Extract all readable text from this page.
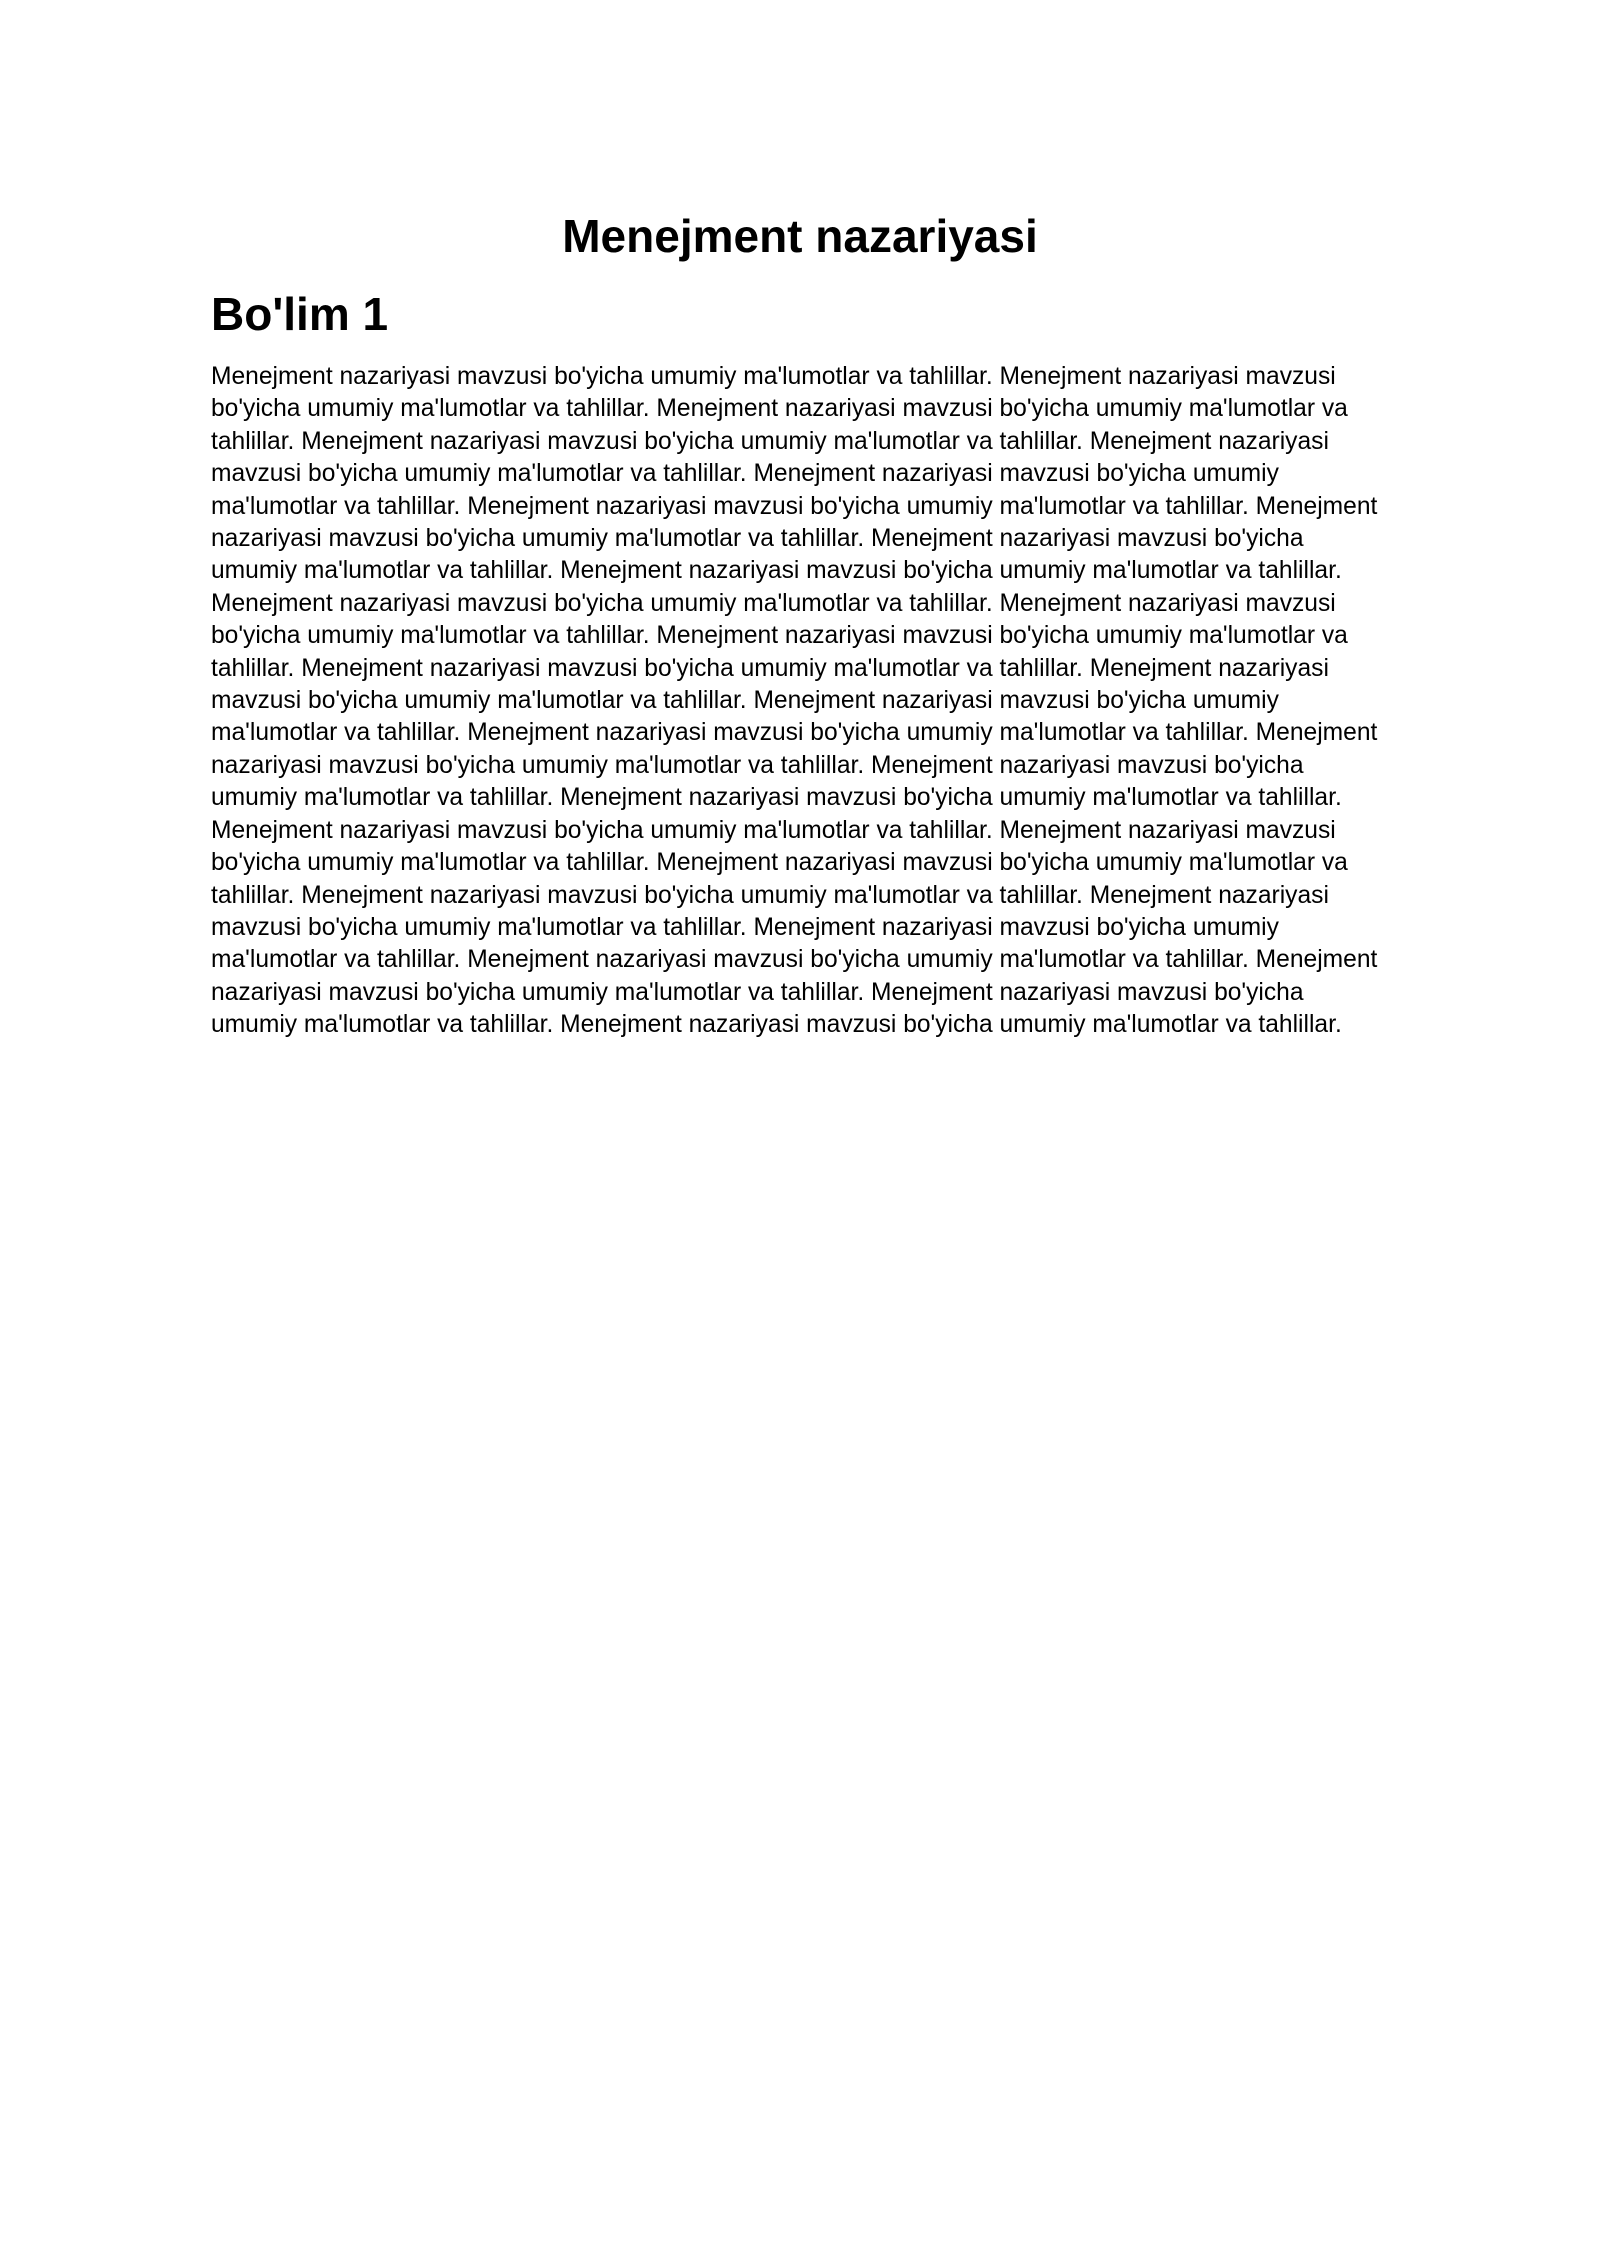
Menejment nazariyasi
Bo'lim 1

Menejment nazariyasi mavzusi bo'yicha umumiy ma'lumotlar va tahlillar. Menejment nazariyasi mavzusi bo'yicha umumiy ma'lumotlar va tahlillar. Menejment nazariyasi mavzusi bo'yicha umumiy ma'lumotlar va tahlillar. Menejment nazariyasi mavzusi bo'yicha umumiy ma'lumotlar va tahlillar. Menejment nazariyasi mavzusi bo'yicha umumiy ma'lumotlar va tahlillar. Menejment nazariyasi mavzusi bo'yicha umumiy ma'lumotlar va tahlillar. Menejment nazariyasi mavzusi bo'yicha umumiy ma'lumotlar va tahlillar. Menejment nazariyasi mavzusi bo'yicha umumiy ma'lumotlar va tahlillar. Menejment nazariyasi mavzusi bo'yicha umumiy ma'lumotlar va tahlillar. Menejment nazariyasi mavzusi bo'yicha umumiy ma'lumotlar va tahlillar. Menejment nazariyasi mavzusi bo'yicha umumiy ma'lumotlar va tahlillar. Menejment nazariyasi mavzusi bo'yicha umumiy ma'lumotlar va tahlillar. Menejment nazariyasi mavzusi bo'yicha umumiy ma'lumotlar va tahlillar. Menejment nazariyasi mavzusi bo'yicha umumiy ma'lumotlar va tahlillar. Menejment nazariyasi mavzusi bo'yicha umumiy ma'lumotlar va tahlillar. Menejment nazariyasi mavzusi bo'yicha umumiy ma'lumotlar va tahlillar. Menejment nazariyasi mavzusi bo'yicha umumiy ma'lumotlar va tahlillar. Menejment nazariyasi mavzusi bo'yicha umumiy ma'lumotlar va tahlillar. Menejment nazariyasi mavzusi bo'yicha umumiy ma'lumotlar va tahlillar. Menejment nazariyasi mavzusi bo'yicha umumiy ma'lumotlar va tahlillar. Menejment nazariyasi mavzusi bo'yicha umumiy ma'lumotlar va tahlillar. Menejment nazariyasi mavzusi bo'yicha umumiy ma'lumotlar va tahlillar. Menejment nazariyasi mavzusi bo'yicha umumiy ma'lumotlar va tahlillar. Menejment nazariyasi mavzusi bo'yicha umumiy ma'lumotlar va tahlillar. Menejment nazariyasi mavzusi bo'yicha umumiy ma'lumotlar va tahlillar. Menejment nazariyasi mavzusi bo'yicha umumiy ma'lumotlar va tahlillar. Menejment nazariyasi mavzusi bo'yicha umumiy ma'lumotlar va tahlillar. Menejment nazariyasi mavzusi bo'yicha umumiy ma'lumotlar va tahlillar. Menejment nazariyasi mavzusi bo'yicha umumiy ma'lumotlar va tahlillar. Menejment nazariyasi mavzusi bo'yicha umumiy ma'lumotlar va tahlillar.
